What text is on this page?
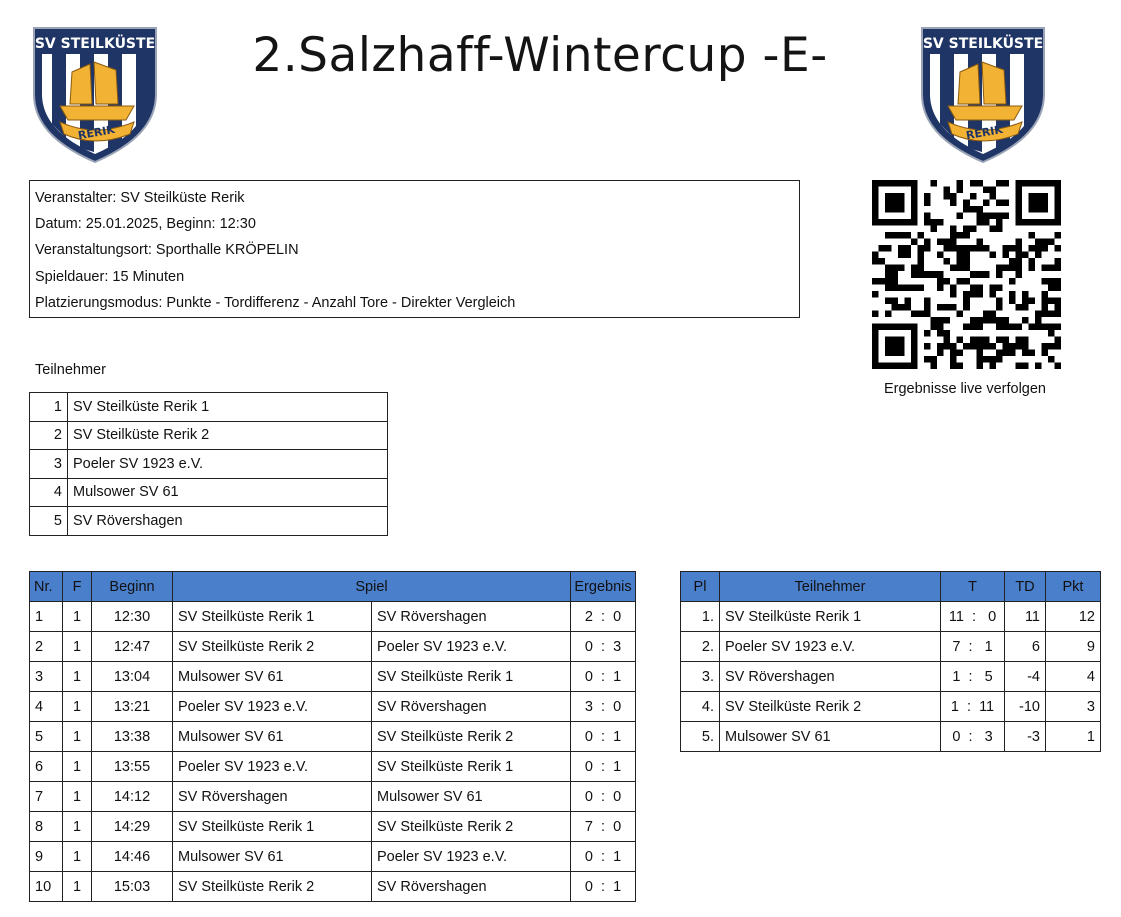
2.Salzhaff-Wintercup -E-
SV STEILKÜSTE
RERIK
SV STEILKÜSTE
RERIK
Veranstalter: SV Steilküste Rerik
Datum: 25.01.2025, Beginn: 12:30
Veranstaltungsort: Sporthalle KRÖPELIN
Spieldauer: 15 Minuten
Platzierungsmodus: Punkte - Tordifferenz - Anzahl Tore - Direkter Vergleich
Ergebnisse live verfolgen
Teilnehmer
1	SV Steilküste Rerik 1
2	SV Steilküste Rerik 2
3	Poeler SV 1923 e.V.
4	Mulsower SV 61
5	SV Rövershagen
Nr.	F	Beginn	Spiel		Ergebnis
1	1	12:30	SV Steilküste Rerik 1	SV Rövershagen	2  :  0
2	1	12:47	SV Steilküste Rerik 2	Poeler SV 1923 e.V.	0  :  3
3	1	13:04	Mulsower SV 61	SV Steilküste Rerik 1	0  :  1
4	1	13:21	Poeler SV 1923 e.V.	SV Rövershagen	3  :  0
5	1	13:38	Mulsower SV 61	SV Steilküste Rerik 2	0  :  1
6	1	13:55	Poeler SV 1923 e.V.	SV Steilküste Rerik 1	0  :  1
7	1	14:12	SV Rövershagen	Mulsower SV 61	0  :  0
8	1	14:29	SV Steilküste Rerik 1	SV Steilküste Rerik 2	7  :  0
9	1	14:46	Mulsower SV 61	Poeler SV 1923 e.V.	0  :  1
10	1	15:03	SV Steilküste Rerik 2	SV Rövershagen	0  :  1
Pl	Teilnehmer	T	TD	Pkt
1.	SV Steilküste Rerik 1	11  :   0	11	12
2.	Poeler SV 1923 e.V.	7  :   1	6	9
3.	SV Rövershagen	1  :   5	-4	4
4.	SV Steilküste Rerik 2	1  :  11	-10	3
5.	Mulsower SV 61	0  :   3	-3	1
